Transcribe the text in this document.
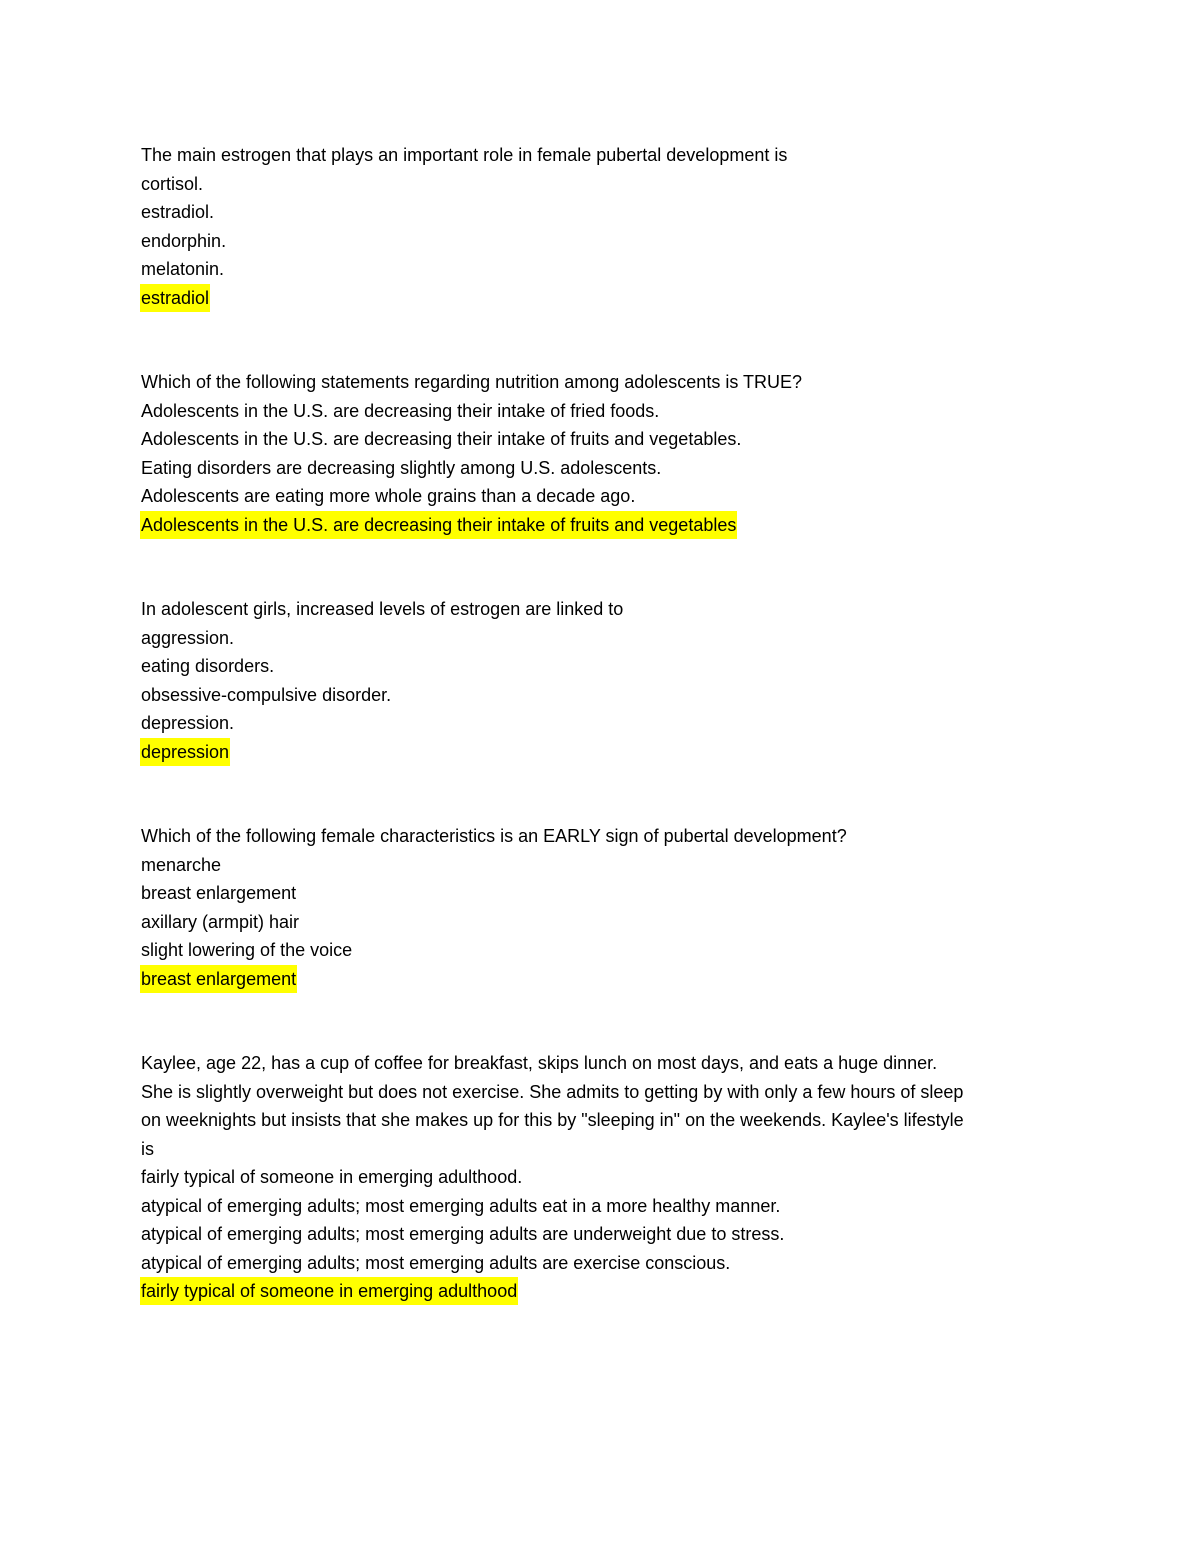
The main estrogen that plays an important role in female pubertal development is
cortisol.
estradiol.
endorphin.
melatonin.
estradiol
Which of the following statements regarding nutrition among adolescents is TRUE?
Adolescents in the U.S. are decreasing their intake of fried foods.
Adolescents in the U.S. are decreasing their intake of fruits and vegetables.
Eating disorders are decreasing slightly among U.S. adolescents.
Adolescents are eating more whole grains than a decade ago.
Adolescents in the U.S. are decreasing their intake of fruits and vegetables
In adolescent girls, increased levels of estrogen are linked to
aggression.
eating disorders.
obsessive-compulsive disorder.
depression.
depression
Which of the following female characteristics is an EARLY sign of pubertal development?
menarche
breast enlargement
axillary (armpit) hair
slight lowering of the voice
breast enlargement
Kaylee, age 22, has a cup of coffee for breakfast, skips lunch on most days, and eats a huge dinner.
She is slightly overweight but does not exercise. She admits to getting by with only a few hours of sleep
on weeknights but insists that she makes up for this by "sleeping in" on the weekends. Kaylee's lifestyle
is
fairly typical of someone in emerging adulthood.
atypical of emerging adults; most emerging adults eat in a more healthy manner.
atypical of emerging adults; most emerging adults are underweight due to stress.
atypical of emerging adults; most emerging adults are exercise conscious.
fairly typical of someone in emerging adulthood
